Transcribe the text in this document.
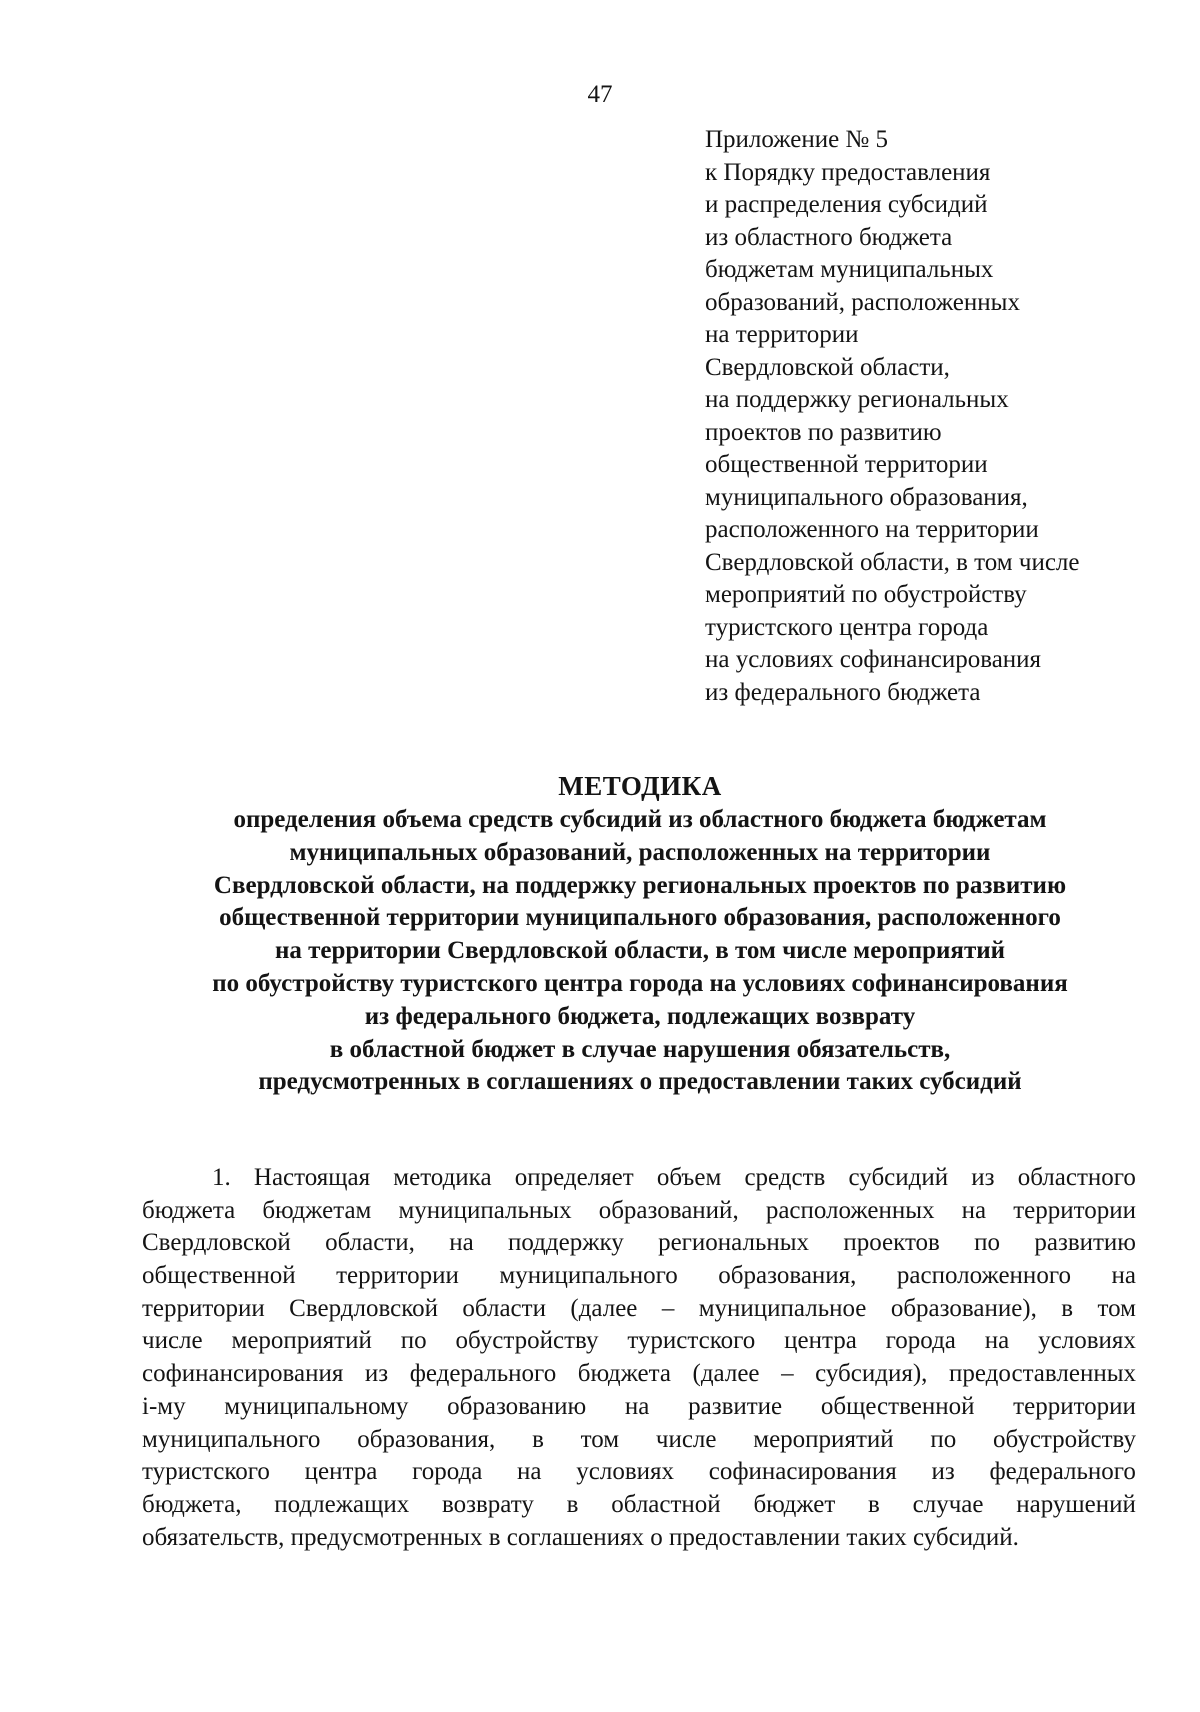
47
Приложение № 5
к Порядку предоставления
и распределения субсидий
из областного бюджета
бюджетам муниципальных
образований, расположенных
на территории
Свердловской области,
на поддержку региональных
проектов по развитию
общественной территории
муниципального образования,
расположенного на территории
Свердловской области, в том числе
мероприятий по обустройству
туристского центра города
на условиях софинансирования
из федерального бюджета
МЕТОДИКА
определения объема средств субсидий из областного бюджета бюджетам
муниципальных образований, расположенных на территории
Свердловской области, на поддержку региональных проектов по развитию
общественной территории муниципального образования, расположенного
на территории Свердловской области, в том числе мероприятий
по обустройству туристского центра города на условиях софинансирования
из федерального бюджета, подлежащих возврату
в областной бюджет в случае нарушения обязательств,
предусмотренных в соглашениях о предоставлении таких субсидий
1. Настоящая методика определяет объем средств субсидий из областного
бюджета бюджетам муниципальных образований, расположенных на территории
Свердловской области, на поддержку региональных проектов по развитию
общественной территории муниципального образования, расположенного на
территории Свердловской области (далее – муниципальное образование), в том
числе мероприятий по обустройству туристского центра города на условиях
софинансирования из федерального бюджета (далее – субсидия), предоставленных
i-му муниципальному образованию на развитие общественной территории
муниципального образования, в том числе мероприятий по обустройству
туристского центра города на условиях софинасирования из федерального
бюджета, подлежащих возврату в областной бюджет в случае нарушений
обязательств, предусмотренных в соглашениях о предоставлении таких субсидий.
